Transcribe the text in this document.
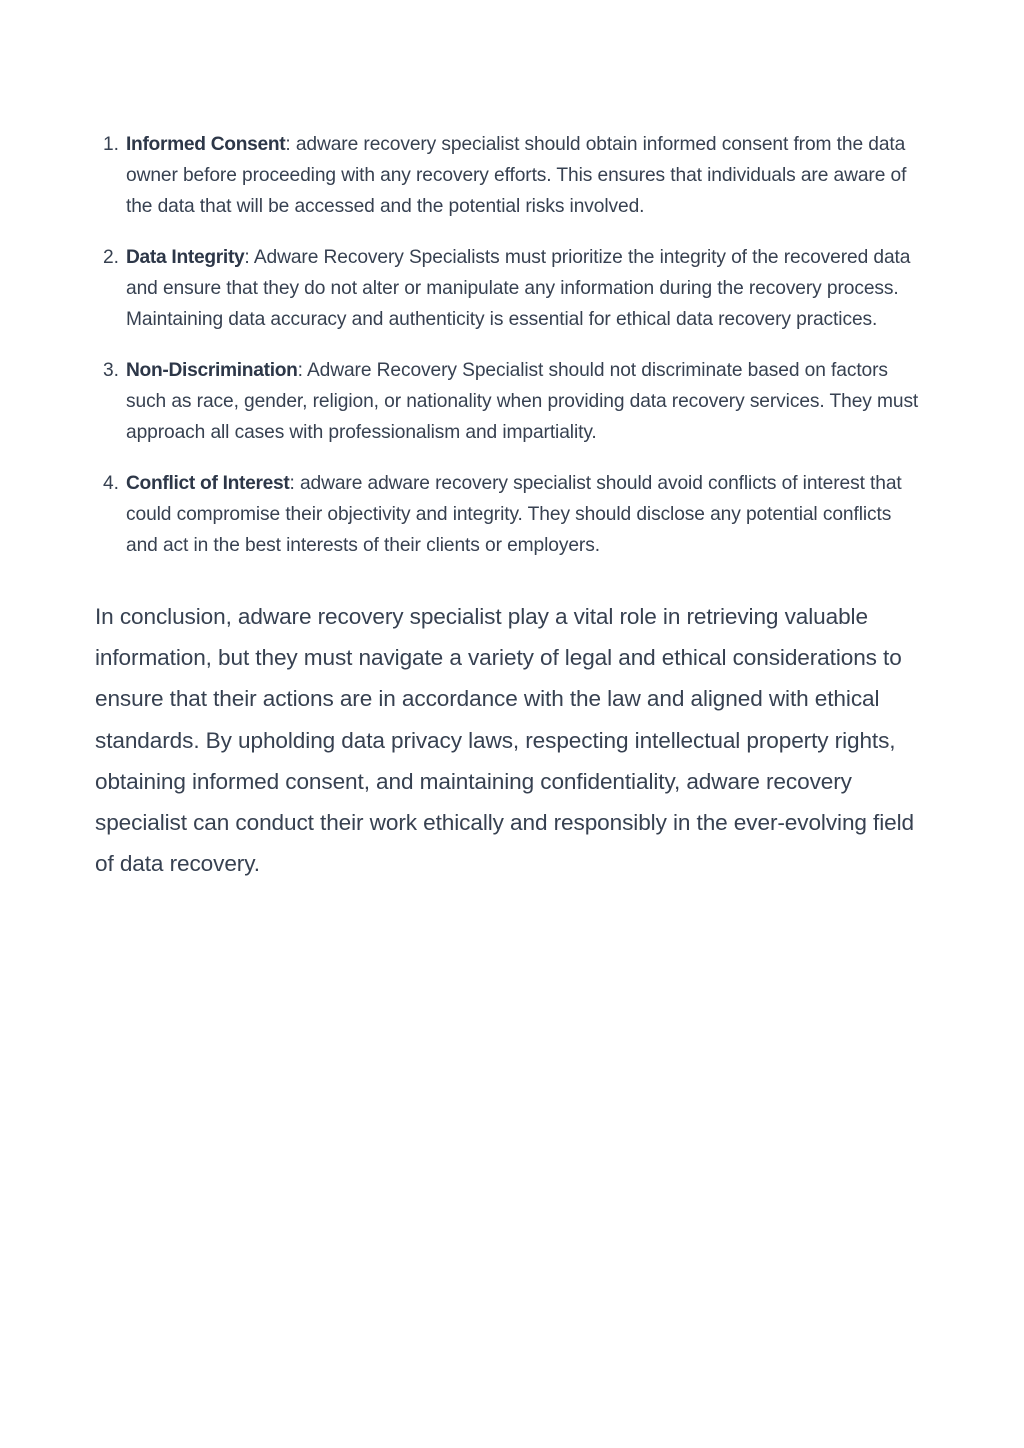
1. Informed Consent: adware recovery specialist should obtain informed consent from the data owner before proceeding with any recovery efforts. This ensures that individuals are aware of the data that will be accessed and the potential risks involved.
2. Data Integrity: Adware Recovery Specialists must prioritize the integrity of the recovered data and ensure that they do not alter or manipulate any information during the recovery process. Maintaining data accuracy and authenticity is essential for ethical data recovery practices.
3. Non-Discrimination: Adware Recovery Specialist should not discriminate based on factors such as race, gender, religion, or nationality when providing data recovery services. They must approach all cases with professionalism and impartiality.
4. Conflict of Interest: adware adware recovery specialist should avoid conflicts of interest that could compromise their objectivity and integrity. They should disclose any potential conflicts and act in the best interests of their clients or employers.

In conclusion, adware recovery specialist play a vital role in retrieving valuable information, but they must navigate a variety of legal and ethical considerations to ensure that their actions are in accordance with the law and aligned with ethical standards. By upholding data privacy laws, respecting intellectual property rights, obtaining informed consent, and maintaining confidentiality, adware recovery specialist can conduct their work ethically and responsibly in the ever-evolving field of data recovery.
